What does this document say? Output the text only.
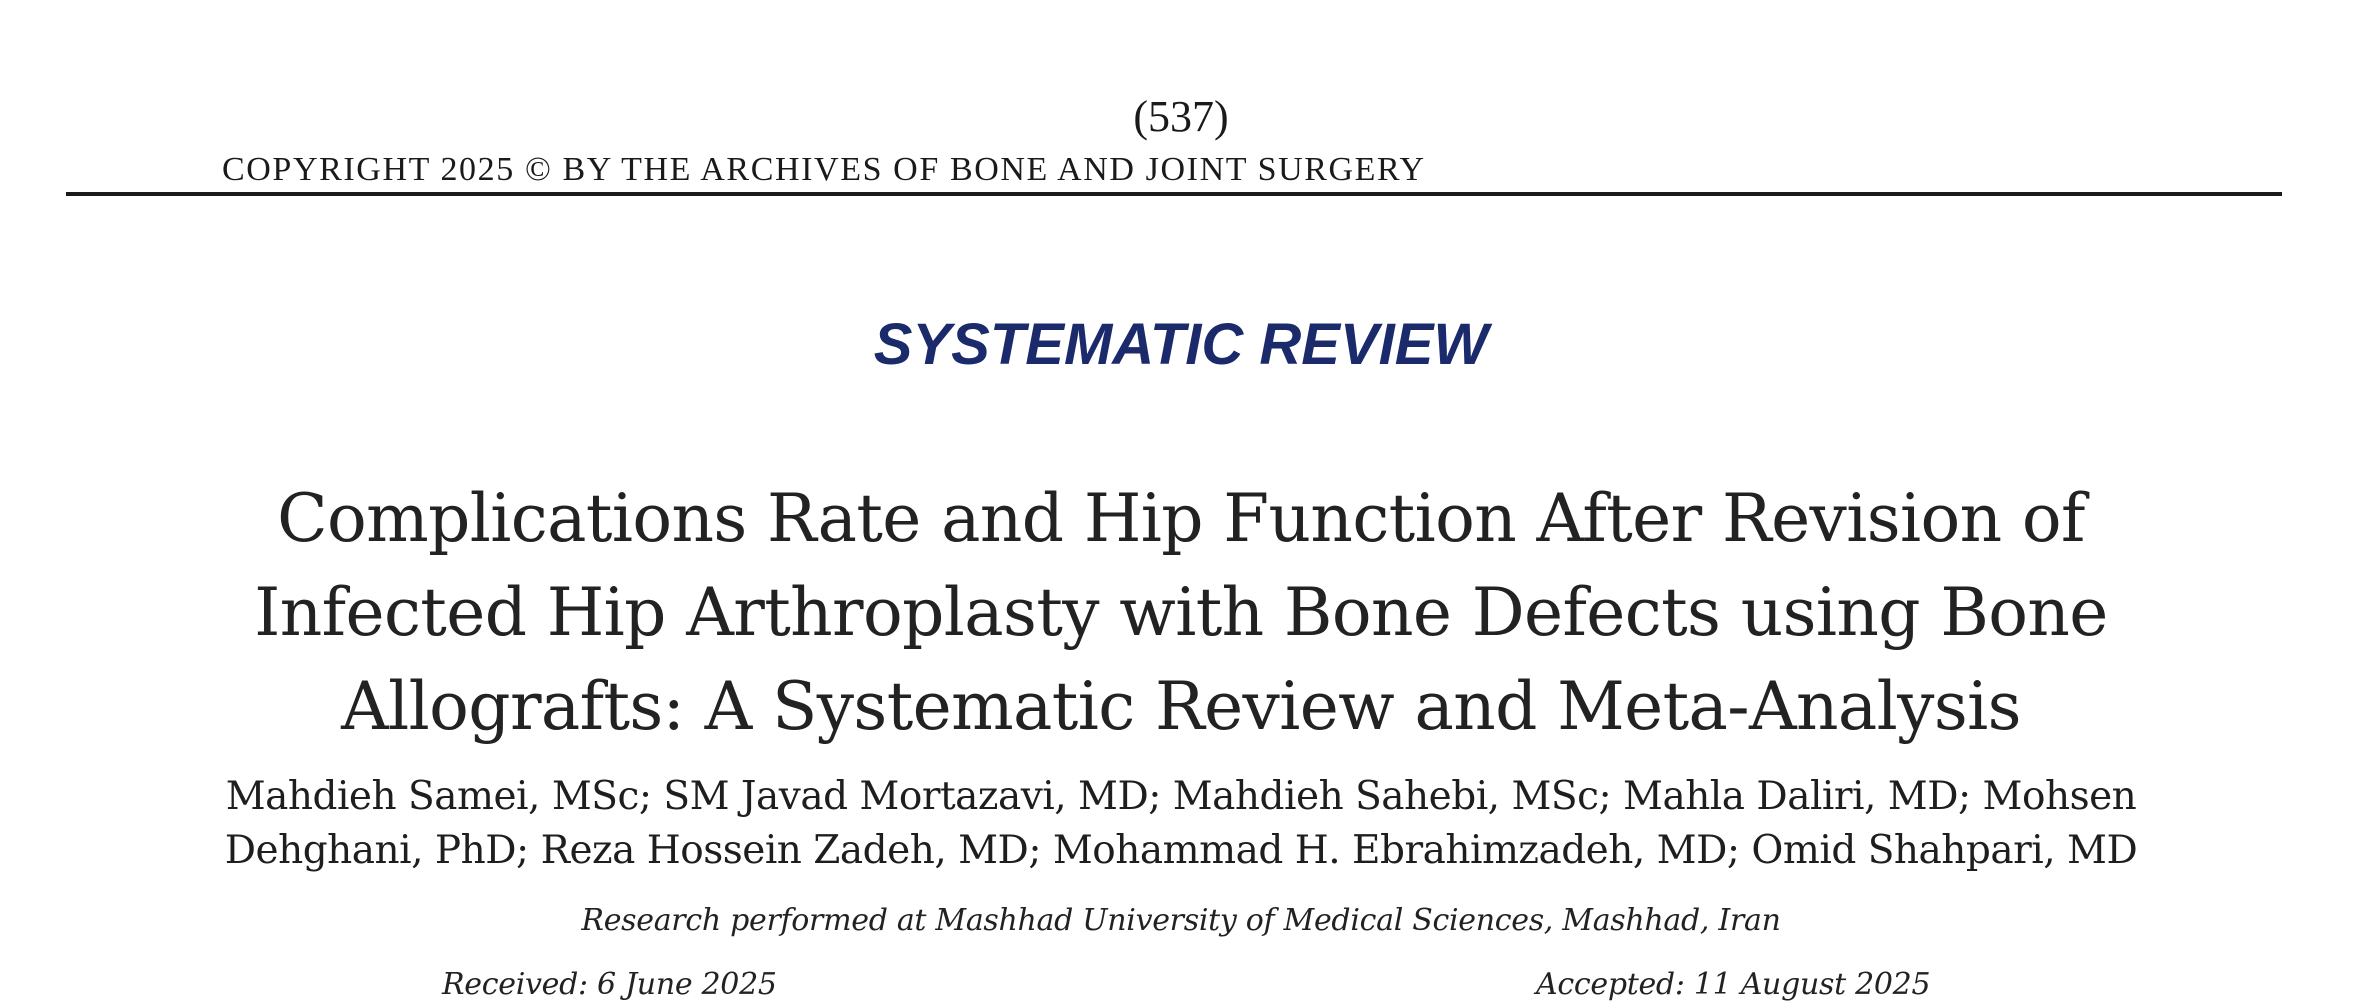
(537)
COPYRIGHT 2025 © BY THE ARCHIVES OF BONE AND JOINT SURGERY
SYSTEMATIC REVIEW
Complications Rate and Hip Function After Revision of
Infected Hip Arthroplasty with Bone Defects using Bone
Allografts: A Systematic Review and Meta-Analysis
Mahdieh Samei, MSc; SM Javad Mortazavi, MD; Mahdieh Sahebi, MSc; Mahla Daliri, MD; Mohsen
Dehghani, PhD; Reza Hossein Zadeh, MD; Mohammad H. Ebrahimzadeh, MD; Omid Shahpari, MD
Research performed at Mashhad University of Medical Sciences, Mashhad, Iran
Received: 6 June 2025	Accepted: 11 August 2025
